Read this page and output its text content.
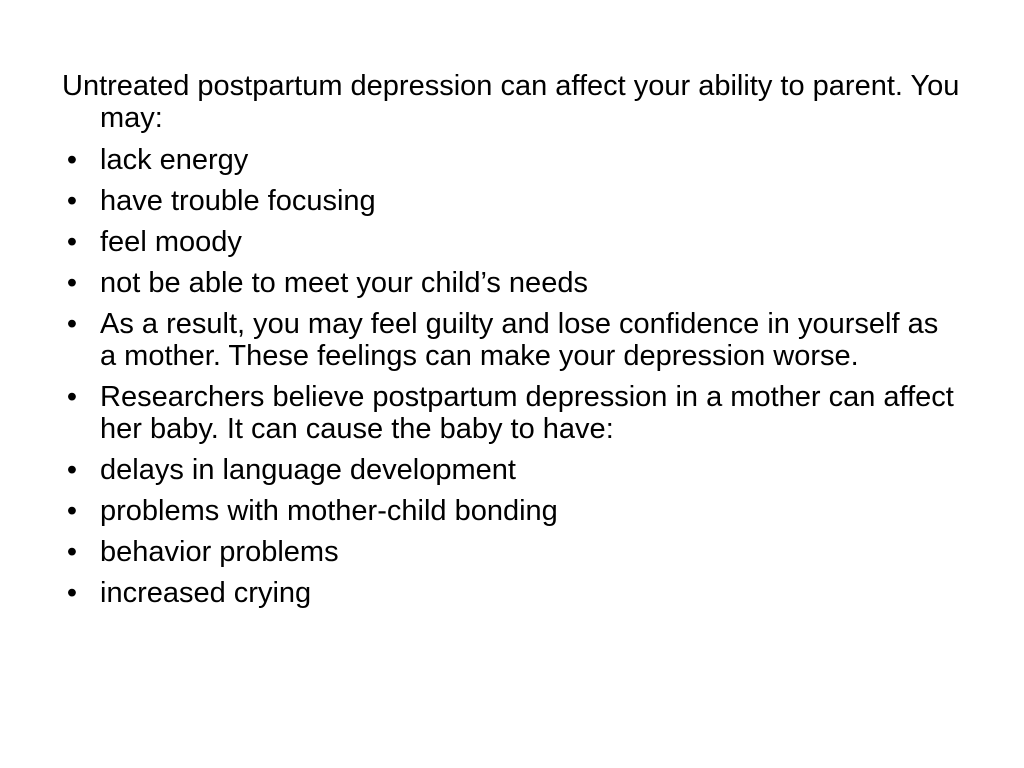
Untreated postpartum depression can affect your ability to parent. You may:

• lack energy
• have trouble focusing
• feel moody
• not be able to meet your child’s needs
• As a result, you may feel guilty and lose confidence in yourself as a mother. These feelings can make your depression worse.
• Researchers believe postpartum depression in a mother can affect her baby. It can cause the baby to have:
• delays in language development
• problems with mother-child bonding
• behavior problems
• increased crying
